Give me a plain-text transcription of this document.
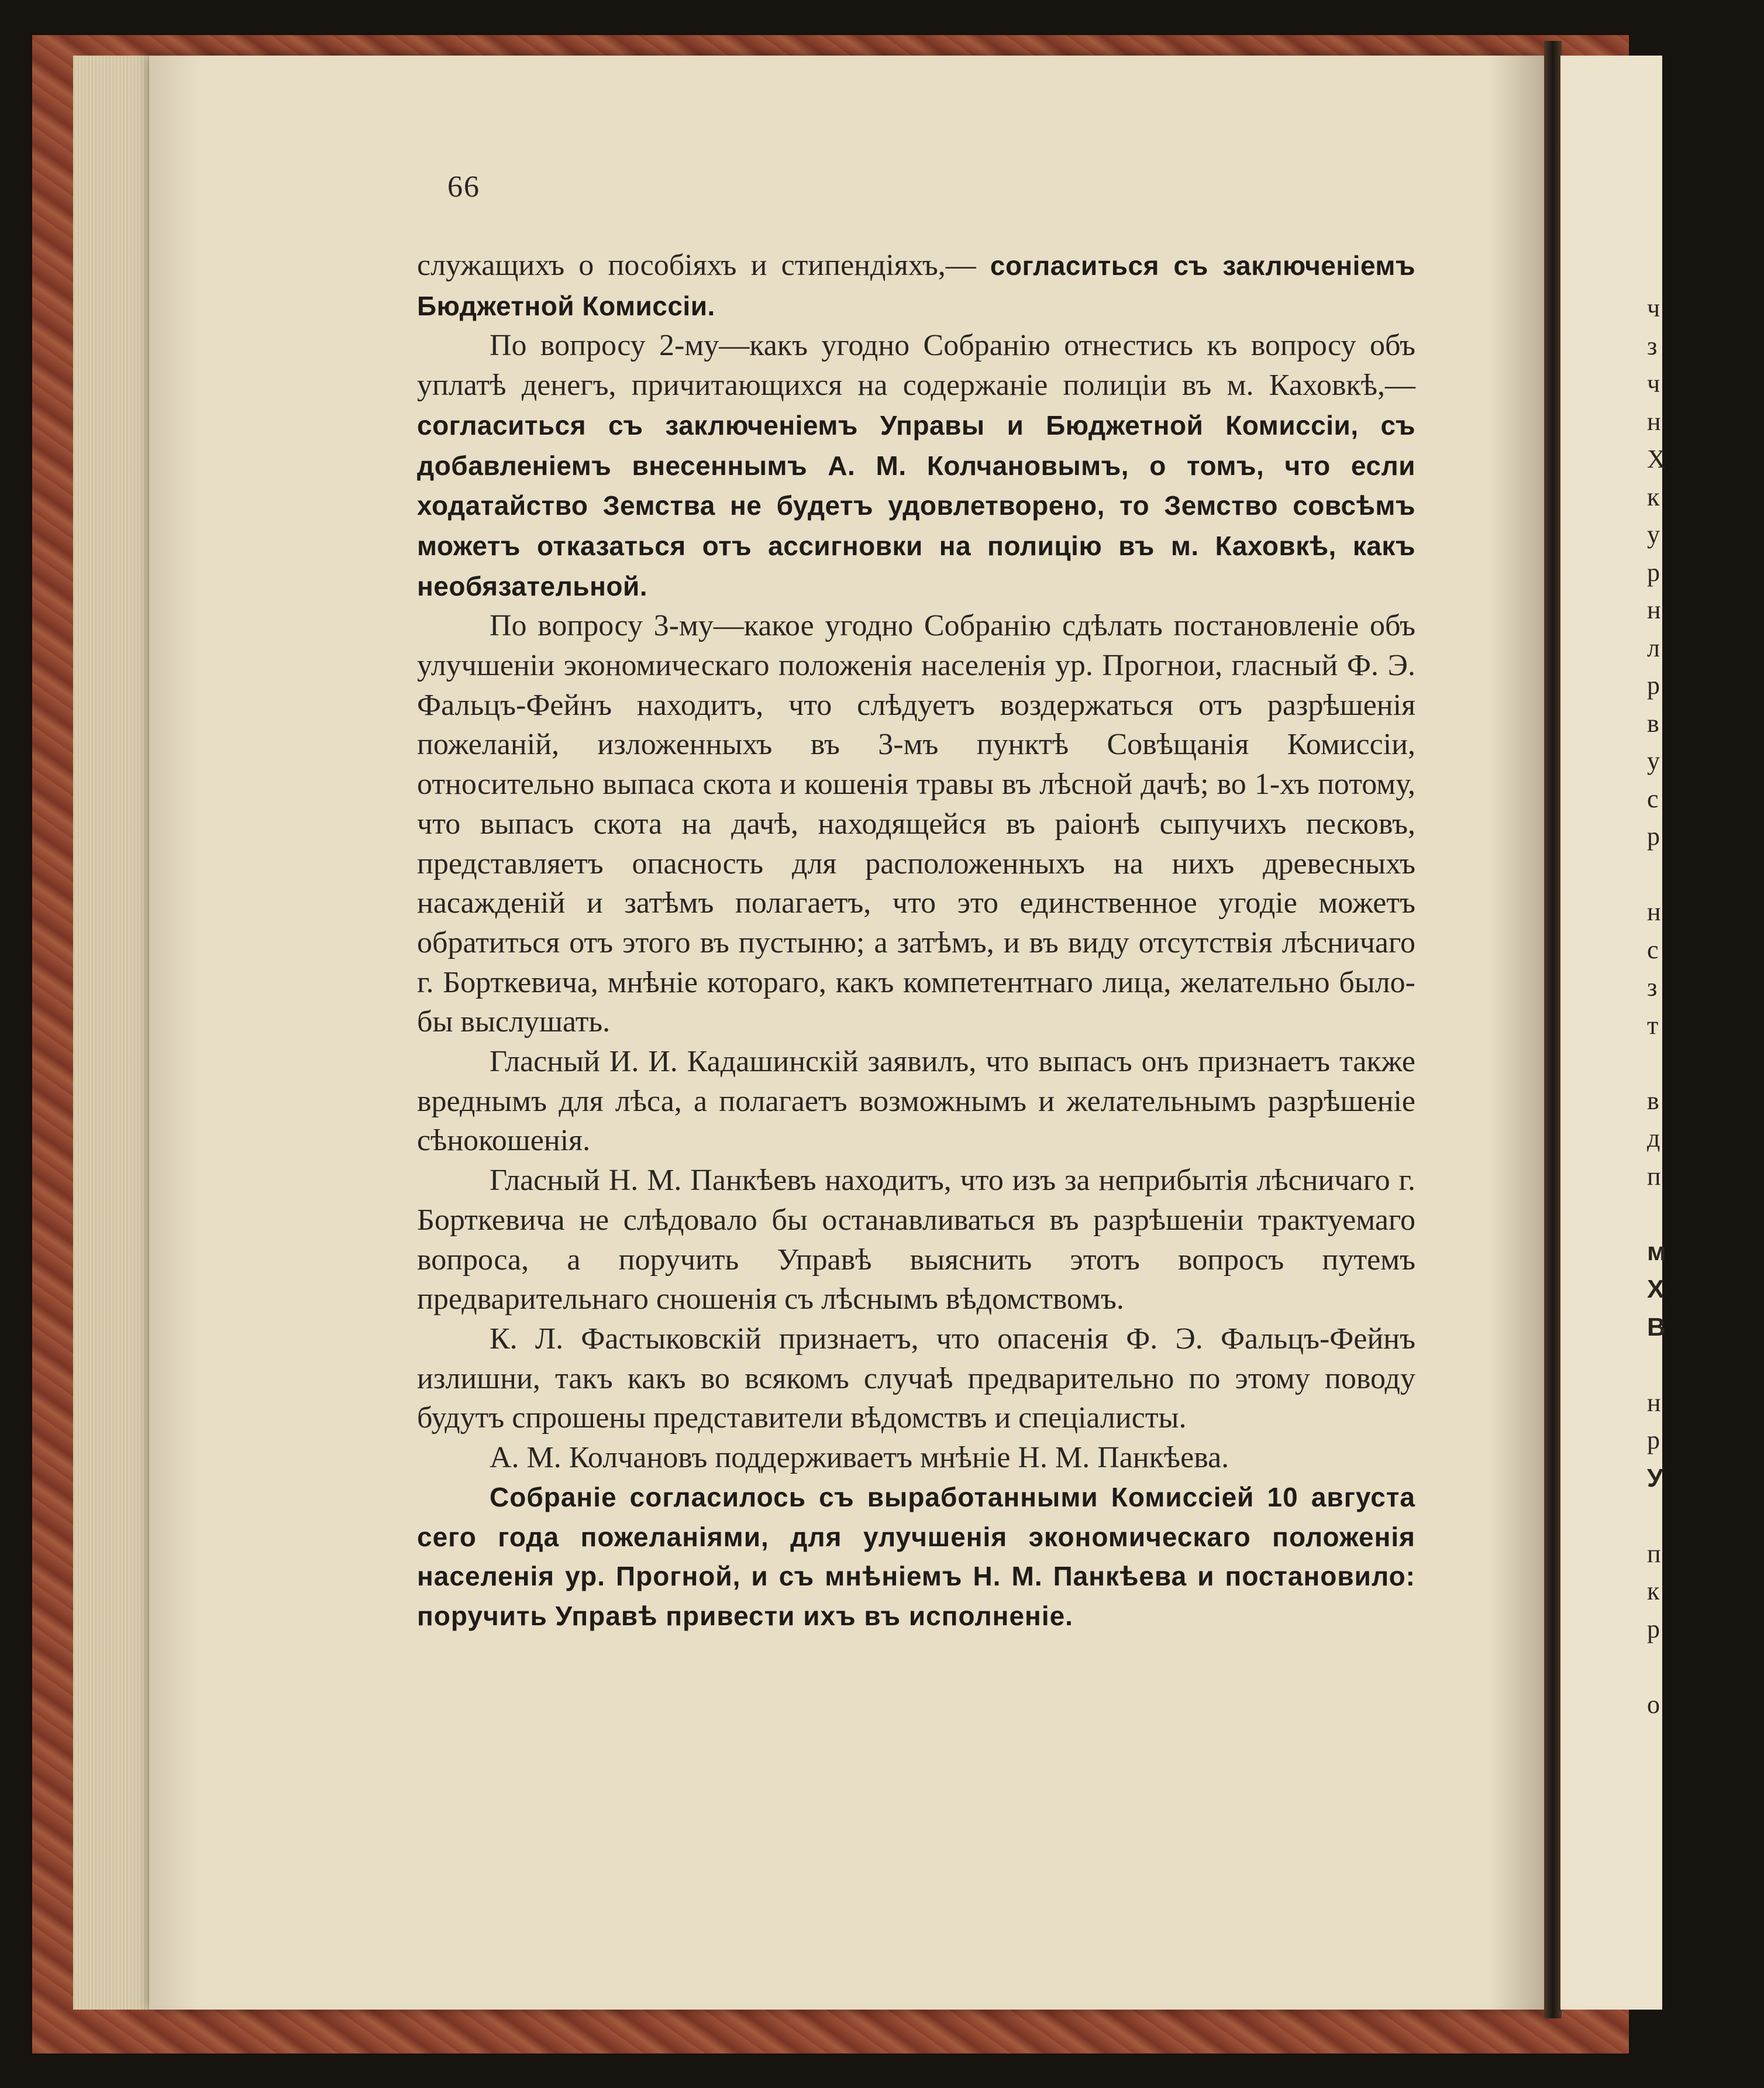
ч
з
ч
н
Х
к
у
р
н
л
р
в
у
с
р
н
с
з
т
в
д
п
м
Х
В
н
р
У
п
к
р
о
66

служащихъ о пособіяхъ и стипендіяхъ,— согласиться съ заключеніемъ Бюджетной Комиссіи.

По вопросу 2-му—какъ угодно Собранію отнестись къ вопросу объ уплатѣ денегъ, причитающихся на содержаніе полиціи въ м. Каховкѣ,—согласиться съ заключеніемъ Управы и Бюджетной Комиссіи, съ добавленіемъ внесеннымъ А. М. Колчановымъ, о томъ, что если ходатайство Земства не будетъ удовлетворено, то Земство совсѣмъ можетъ отказаться отъ ассигновки на полицію въ м. Каховкѣ, какъ необязательной.

По вопросу 3-му—какое угодно Собранію сдѣлать постановленіе объ улучшеніи экономическаго положенія населенія ур. Прогнои, гласный Ф. Э. Фальцъ-Фейнъ находитъ, что слѣдуетъ воздержаться отъ разрѣшенія пожеланій, изложенныхъ въ 3-мъ пунктѣ Совѣщанія Комиссіи, относительно выпаса скота и кошенія травы въ лѣсной дачѣ; во 1-хъ потому, что выпасъ скота на дачѣ, находящейся въ раіонѣ сыпучихъ песковъ, представляетъ опасность для расположенныхъ на нихъ древесныхъ насажденій и затѣмъ полагаетъ, что это единственное угодіе можетъ обратиться отъ этого въ пустыню; а затѣмъ, и въ виду отсутствія лѣсничаго г. Борткевича, мнѣніе котораго, какъ компетентнаго лица, желательно было-бы выслушать.

Гласный И. И. Кадашинскій заявилъ, что выпасъ онъ признаетъ также вреднымъ для лѣса, а полагаетъ возможнымъ и желательнымъ разрѣшеніе сѣнокошенія.

Гласный Н. М. Панкѣевъ находитъ, что изъ за неприбытія лѣсничаго г. Борткевича не слѣдовало бы останавливаться въ разрѣшеніи трактуемаго вопроса, а поручить Управѣ выяснить этотъ вопросъ путемъ предварительнаго сношенія съ лѣснымъ вѣдомствомъ.

К. Л. Фастыковскій признаетъ, что опасенія Ф. Э. Фальцъ-Фейнъ излишни, такъ какъ во всякомъ случаѣ предварительно по этому поводу будутъ спрошены представители вѣдомствъ и спеціалисты.

А. М. Колчановъ поддерживаетъ мнѣніе Н. М. Панкѣева.

Собраніе согласилось съ выработанными Комиссіей 10 августа сего года пожеланіями, для улучшенія экономическаго положенія населенія ур. Прогной, и съ мнѣніемъ Н. М. Панкѣева и постановило: поручить Управѣ привести ихъ въ исполненіе.
